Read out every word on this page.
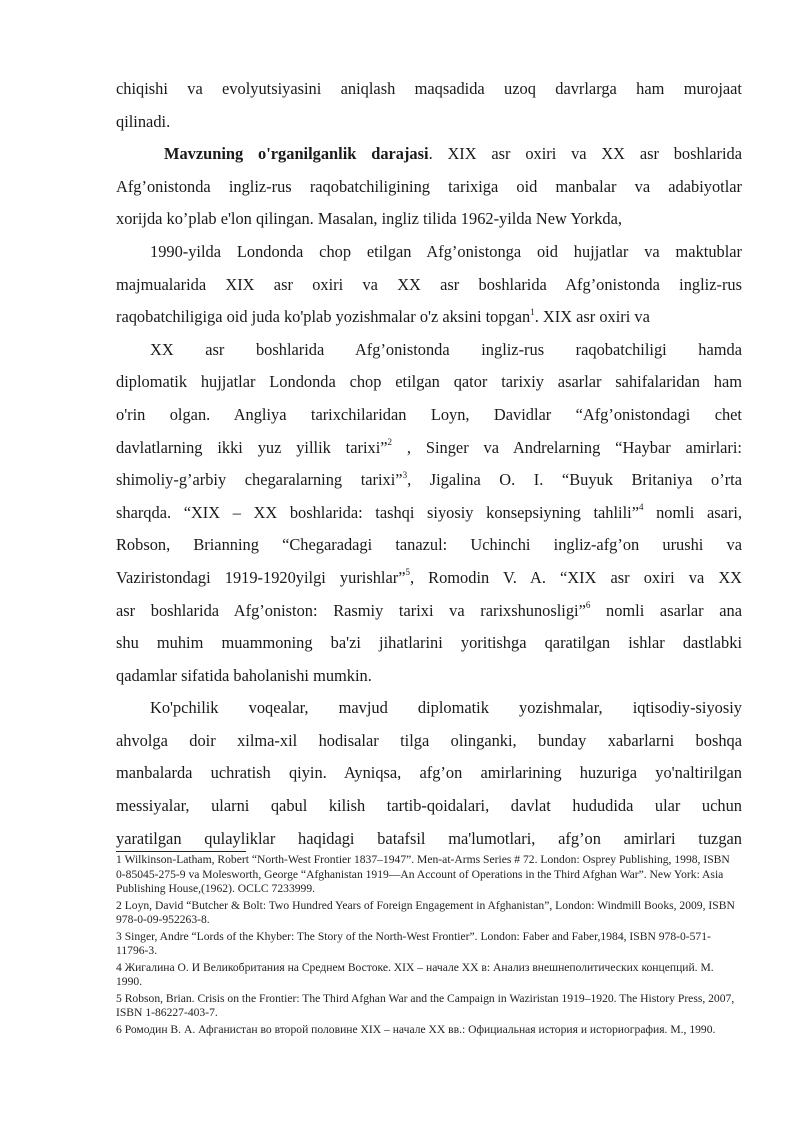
chiqishi va evolyutsiyasini aniqlash maqsadida uzoq davrlarga ham murojaat
qilinadi.

Mavzuning o'rganilganlik darajasi. XIX asr oxiri va XX asr boshlarida
Afg’onistonda ingliz-rus raqobatchiligining tarixiga oid manbalar va adabiyotlar
xorijda ko’plab e'lon qilingan. Masalan, ingliz tilida 1962-yilda New Yorkda,
1990-yilda Londonda chop etilgan Afg’onistonga oid hujjatlar va maktublar
majmualarida XIX asr oxiri va XX asr boshlarida Afg’onistonda ingliz-rus
raqobatchiligiga oid juda ko'plab yozishmalar o'z aksini topgan$^1$. XIX asr oxiri va
XX asr boshlarida Afg’onistonda ingliz-rus raqobatchiligi hamda
diplomatik hujjatlar Londonda chop etilgan qator tarixiy asarlar sahifalaridan ham
o'rin olgan. Angliya tarixchilaridan Loyn, Davidlar “Afg’onistondagi chet
davlatlarning ikki yuz yillik tarixi”$^2$ , Singer va Andrelarning “Haybar amirlari:
shimoliy-g’arbiy chegaralarning tarixi”$^3$, Jigalina O. I. “Buyuk Britaniya o’rta
sharqda. “XIX – XX boshlarida: tashqi siyosiy konsepsiyning tahlili”$^4$ nomli asari,
Robson, Brianning “Chegaradagi tanazul: Uchinchi ingliz-afg’on urushi va
Vaziristondagi 1919-1920yilgi yurishlar”$^5$, Romodin V. A. “XIX asr oxiri va XX
asr boshlarida Afg’oniston: Rasmiy tarixi va rarixshunosligi”$^6$ nomli asarlar ana
shu muhim muammoning ba'zi jihatlarini yoritishga qaratilgan ishlar dastlabki
qadamlar sifatida baholanishi mumkin.

Ko'pchilik voqealar, mavjud diplomatik yozishmalar, iqtisodiy-siyosiy
ahvolga doir xilma-xil hodisalar tilga olinganki, bunday xabarlarni boshqa
manbalarda uchratish qiyin. Ayniqsa, afg’on amirlarining huzuriga yo'naltirilgan
messiyalar, ularni qabul kilish tartib-qoidalari, davlat hududida ular uchun
yaratilgan qulayliklar haqidagi batafsil ma'lumotlari, afg’on amirlari tuzgan

1 Wilkinson-Latham, Robert “North-West Frontier 1837–1947”. Men-at-Arms Series # 72. London: Osprey Publishing, 1998, ISBN 0-85045-275-9 va Molesworth, George “Afghanistan 1919—An Account of Operations in the Third Afghan War”. New York: Asia Publishing House,(1962). OCLC 7233999.

2 Loyn, David “Butcher & Bolt: Two Hundred Years of Foreign Engagement in Afghanistan”, London: Windmill Books, 2009, ISBN 978-0-09-952263-8.

3 Singer, Andre “Lords of the Khyber: The Story of the North-West Frontier”. London: Faber and Faber,1984, ISBN 978-0-571-11796-3.

4 Жигалина О. И Великобритания на Среднем Востоке. XIX – начале XX в: Анализ внешнеполитических концепций. М. 1990.

5 Robson, Brian. Crisis on the Frontier: The Third Afghan War and the Campaign in Waziristan 1919–1920. The History Press, 2007, ISBN 1-86227-403-7.

6 Ромодин В. А. Афганистан во второй половине XIX – начале XX вв.: Официальная история и историография. М., 1990.
